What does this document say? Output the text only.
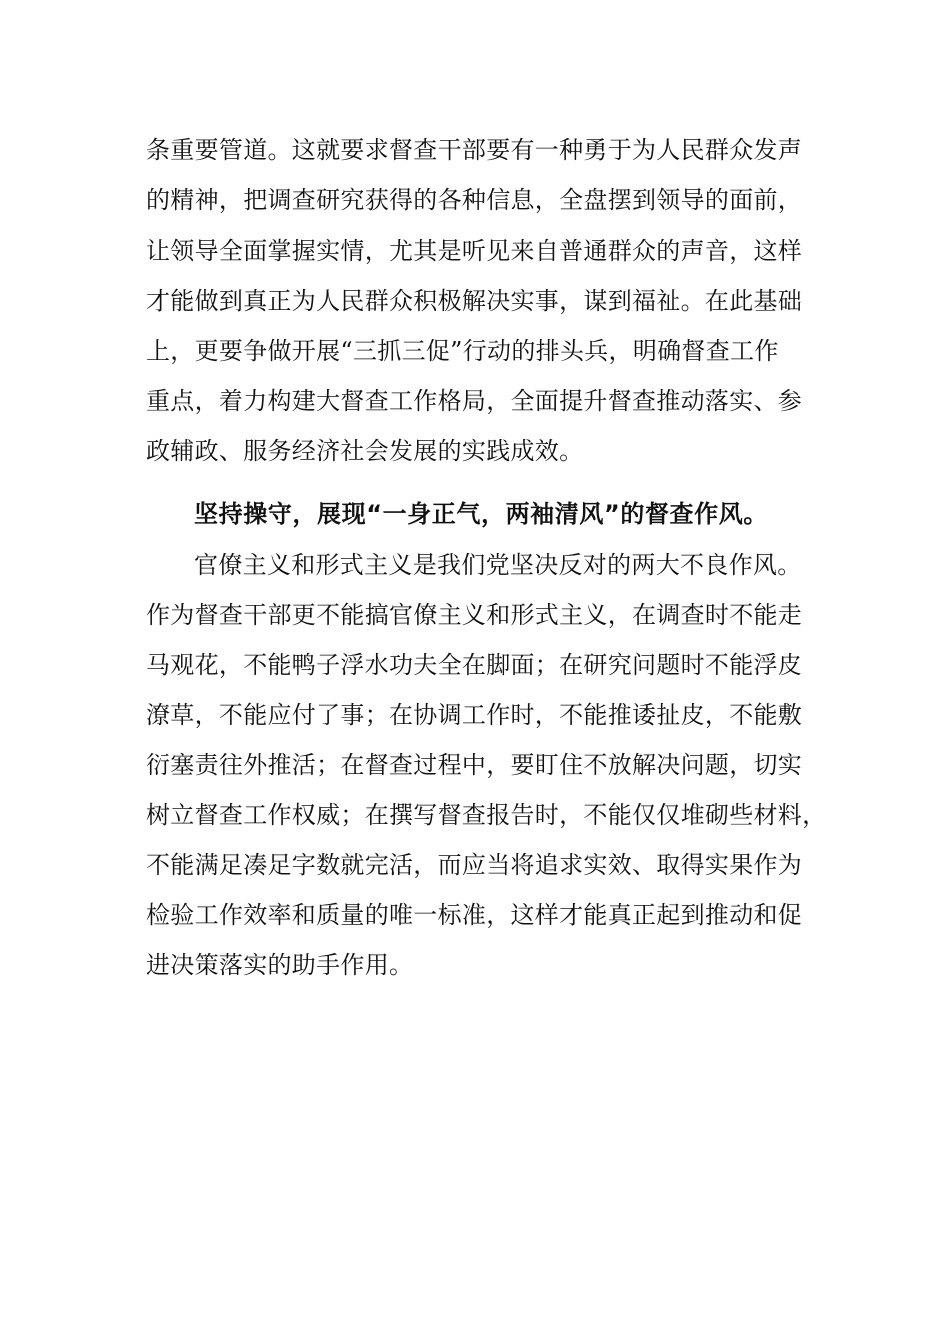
条重要管道。这就要求督查干部要有一种勇于为人民群众发声
的精神，把调查研究获得的各种信息，全盘摆到领导的面前，
让领导全面掌握实情，尤其是听见来自普通群众的声音，这样
才能做到真正为人民群众积极解决实事，谋到福祉。在此基础
上，更要争做开展“三抓三促”行动的排头兵，明确督查工作
重点，着力构建大督查工作格局，全面提升督查推动落实、参
政辅政、服务经济社会发展的实践成效。
坚持操守，展现“一身正气，两袖清风”的督查作风。
官僚主义和形式主义是我们党坚决反对的两大不良作风。
作为督查干部更不能搞官僚主义和形式主义，在调查时不能走
马观花，不能鸭子浮水功夫全在脚面；在研究问题时不能浮皮
潦草，不能应付了事；在协调工作时，不能推诿扯皮，不能敷
衍塞责往外推活；在督查过程中，要盯住不放解决问题，切实
树立督查工作权威；在撰写督查报告时，不能仅仅堆砌些材料，
不能满足凑足字数就完活，而应当将追求实效、取得实果作为
检验工作效率和质量的唯一标准，这样才能真正起到推动和促
进决策落实的助手作用。
